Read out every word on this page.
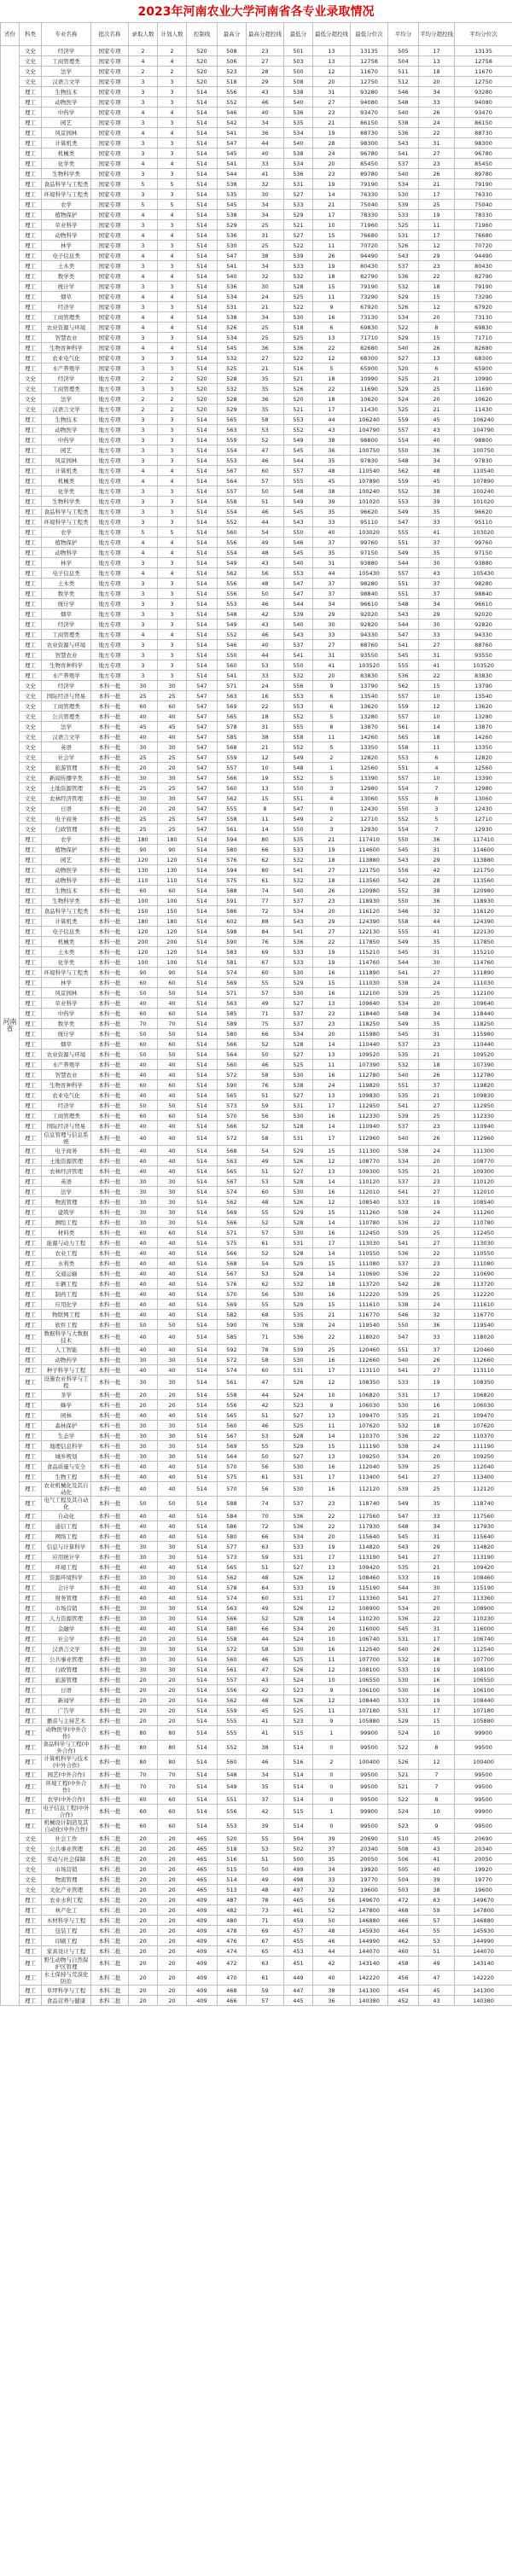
2023年河南农业大学河南省各专业录取情况
省份	科类	专业名称	批次名称	录取人数	计划人数	控制线	最高分	最高分超控线	最低分	最低分超控线	最低分位次	平均分	平均分超控线	平均分位次
河南省	文史	经济学	国家专项	2	2	520	508	23	501	13	13135	505	17	13135
	文史	工商管理类	国家专项	4	4	520	506	27	503	13	12758	504	13	12758
	文史	法学	国家专项	2	2	520	523	28	500	12	11670	511	18	11670
	文史	汉语言文学	国家专项	3	3	520	518	29	508	20	12750	512	20	12750
	理工	生物技术	国家专项	3	3	514	556	43	538	31	93280	546	34	93280
	理工	动物医学	国家专项	3	3	514	552	46	540	27	94080	548	33	94080
	理工	中药学	国家专项	4	4	514	546	40	536	23	93470	540	26	93470
	理工	园艺	国家专项	3	3	514	542	34	535	21	86150	538	24	86150
	理工	风景园林	国家专项	4	4	514	541	36	534	19	88730	536	22	88730
	理工	计算机类	国家专项	3	3	514	547	44	540	28	98300	543	31	98300
	理工	机械类	国家专项	3	3	514	545	40	538	24	96780	541	27	96780
	理工	化学类	国家专项	4	4	514	541	33	534	20	85450	537	23	85450
	理工	生物科学类	国家专项	3	3	514	544	41	536	23	89780	540	26	89780
	理工	食品科学与工程类	国家专项	5	5	514	538	32	531	19	79190	534	21	79190
	理工	环境科学与工程类	国家专项	3	3	514	535	30	527	14	76330	530	17	76330
	理工	农学	国家专项	5	5	514	545	34	533	21	75040	539	25	75040
	理工	植物保护	国家专项	4	4	514	538	34	529	17	78330	533	19	78330
	理工	草业科学	国家专项	3	3	514	529	25	521	10	71960	525	11	71960
	理工	动物科学	国家专项	4	4	514	536	31	527	15	76680	531	17	76680
	理工	林学	国家专项	3	3	514	530	25	522	11	70720	526	12	70720
	理工	电子信息类	国家专项	4	4	514	547	38	539	26	94490	543	29	94490
	理工	土木类	国家专项	3	3	514	541	34	533	19	80430	537	23	80430
	理工	数学类	国家专项	4	4	514	540	32	532	18	82790	536	22	82790
	理工	统计学	国家专项	3	3	514	536	30	528	15	79190	532	18	79190
	理工	烟草	国家专项	4	4	514	534	24	525	11	73290	529	15	73290
	理工	经济学	国家专项	3	3	514	531	21	522	9	67920	526	12	67920
	理工	工商管理类	国家专项	4	4	514	538	34	530	16	73130	534	20	73130
	理工	农业资源与环境	国家专项	4	4	514	526	25	518	6	69830	522	8	69830
	理工	智慧农业	国家专项	3	3	514	534	25	525	13	71710	529	15	71710
	理工	生物育种科学	国家专项	4	4	514	545	36	536	22	82680	540	26	82680
	理工	农业电气化	国家专项	3	3	514	532	27	522	12	68300	527	13	68300
	理工	水产养殖学	国家专项	3	3	514	525	21	516	5	65900	520	6	65900
	文史	经济学	地方专项	2	2	520	528	35	521	18	10990	525	21	10990
	文史	工商管理类	地方专项	3	3	520	532	35	526	22	11690	529	25	11690
	文史	法学	地方专项	2	2	520	528	36	520	18	10620	524	20	10620
	文史	汉语言文学	地方专项	2	2	520	529	35	521	17	11430	525	21	11430
	理工	生物技术	地方专项	3	3	514	565	58	553	44	106240	559	45	106240
	理工	动物医学	地方专项	3	3	514	563	53	552	43	104790	557	43	104790
	理工	中药学	地方专项	3	3	514	559	52	549	38	98800	554	40	98800
	理工	园艺	地方专项	3	3	514	554	47	545	36	100750	550	36	100750
	理工	风景园林	地方专项	3	3	514	553	46	544	35	97830	548	34	97830
	理工	计算机类	地方专项	4	4	514	567	60	557	48	110540	562	48	110540
	理工	机械类	地方专项	4	4	514	564	57	555	45	107890	559	45	107890
	理工	化学类	地方专项	3	3	514	557	50	548	38	100240	552	38	100240
	理工	生物科学类	地方专项	3	3	514	558	51	549	39	101020	553	39	101020
	理工	食品科学与工程类	地方专项	3	3	514	554	46	545	35	96620	549	35	96620
	理工	环境科学与工程类	地方专项	3	3	514	552	44	543	33	95110	547	33	95110
	理工	农学	地方专项	5	5	514	560	54	550	40	103020	555	41	103020
	理工	植物保护	地方专项	4	4	514	556	49	546	37	99760	551	37	99760
	理工	动物科学	地方专项	4	4	514	554	48	545	35	97150	549	35	97150
	理工	林学	地方专项	3	3	514	549	43	540	31	93880	544	30	93880
	理工	电子信息类	地方专项	4	4	514	562	56	553	44	105430	557	43	105430
	理工	土木类	地方专项	3	3	514	556	48	547	37	98280	551	37	98280
	理工	数学类	地方专项	3	3	514	556	50	547	37	98840	551	37	98840
	理工	统计学	地方专项	3	3	514	553	46	544	34	96610	548	34	96610
	理工	烟草	地方专项	3	3	514	548	42	539	29	92020	543	29	92020
	理工	经济学	地方专项	3	3	514	549	43	540	30	92820	544	30	92820
	理工	工商管理类	地方专项	4	4	514	552	46	543	33	94330	547	33	94330
	理工	农业资源与环境	地方专项	3	3	514	546	40	537	27	88760	541	27	88760
	理工	智慧农业	地方专项	3	3	514	550	44	541	31	93550	545	31	93550
	理工	生物育种科学	地方专项	3	3	514	560	53	550	41	103520	555	41	103520
	理工	水产养殖学	地方专项	3	3	514	541	33	532	20	83830	536	22	83830
	文史	经济学	本科一批	30	30	547	571	24	556	9	13790	562	15	13790
	文史	国际经济与贸易	本科一批	25	25	547	563	16	553	6	13540	557	10	13540
	文史	工商管理类	本科一批	60	60	547	569	22	553	6	13620	559	12	13620
	文史	公共管理类	本科一批	40	40	547	565	18	552	5	13280	557	10	13280
	文史	法学	本科一批	45	45	547	578	31	555	8	13870	561	14	13870
	文史	汉语言文学	本科一批	40	40	547	585	38	558	11	14260	565	18	14260
	文史	英语	本科一批	30	30	547	568	21	552	5	13350	558	11	13350
	文史	社会学	本科一批	25	25	547	559	12	549	2	12820	553	6	12820
	文史	旅游管理	本科一批	20	20	547	557	10	548	1	12560	551	4	12560
	文史	新闻传播学类	本科一批	30	30	547	566	19	552	5	13390	557	10	13390
	文史	土地资源管理	本科一批	25	25	547	560	13	550	3	12980	554	7	12980
	文史	农林经济管理	本科一批	30	30	547	562	15	551	4	13060	555	8	13060
	文史	日语	本科一批	20	20	547	555	8	547	0	12430	550	3	12430
	文史	电子商务	本科一批	25	25	547	558	11	549	2	12710	552	5	12710
	文史	行政管理	本科一批	25	25	547	561	14	550	3	12930	554	7	12930
	理工	农学	本科一批	180	180	514	594	80	535	21	117410	550	36	117410
	理工	植物保护	本科一批	90	90	514	580	66	533	19	114600	545	31	114600
	理工	园艺	本科一批	120	120	514	576	62	532	18	113880	543	29	113880
	理工	动物医学	本科一批	130	130	514	594	80	541	27	121750	556	42	121750
	理工	动物科学	本科一批	110	110	514	575	61	532	18	113560	542	28	113560
	理工	生物技术	本科一批	60	60	514	588	74	540	26	120980	552	38	120980
	理工	生物科学类	本科一批	100	100	514	591	77	537	23	118930	550	36	118930
	理工	食品科学与工程类	本科一批	150	150	514	586	72	534	20	116120	546	32	116120
	理工	计算机类	本科一批	180	180	514	602	88	543	29	124390	558	44	124390
	理工	电子信息类	本科一批	120	120	514	598	84	541	27	122130	555	41	122130
	理工	机械类	本科一批	200	200	514	590	76	536	22	117850	549	35	117850
	理工	土木类	本科一批	120	120	514	583	69	533	19	115210	545	31	115210
	理工	化学类	本科一批	100	100	514	581	67	533	19	114760	544	30	114760
	理工	环境科学与工程类	本科一批	90	90	514	574	60	530	16	111890	541	27	111890
	理工	林学	本科一批	60	60	514	569	55	529	15	111030	538	24	111030
	理工	风景园林	本科一批	50	50	514	571	57	530	16	112100	539	25	112100
	理工	草业科学	本科一批	40	40	514	563	49	527	13	109640	534	20	109640
	理工	中药学	本科一批	60	60	514	585	71	537	23	118440	548	34	118440
	理工	数学类	本科一批	70	70	514	589	75	537	23	118250	549	35	118250
	理工	统计学	本科一批	50	50	514	580	66	534	20	115980	545	31	115980
	理工	烟草	本科一批	60	60	514	566	52	528	14	110440	537	23	110440
	理工	农业资源与环境	本科一批	50	50	514	564	50	527	13	109520	535	21	109520
	理工	水产养殖学	本科一批	40	40	514	560	46	525	11	107390	532	18	107390
	理工	智慧农业	本科一批	40	40	514	572	58	530	16	112780	540	26	112780
	理工	生物育种科学	本科一批	60	60	514	590	76	538	24	119820	551	37	119820
	理工	农业电气化	本科一批	40	40	514	565	51	527	13	109830	535	21	109830
	理工	经济学	本科一批	50	50	514	573	59	531	17	112950	541	27	112950
	理工	工商管理类	本科一批	60	60	514	570	56	530	16	112330	539	25	112330
	理工	国际经济与贸易	本科一批	40	40	514	566	52	528	14	110940	537	23	110940
	理工	信息管理与信息系统	本科一批	40	40	514	572	58	531	17	112960	540	26	112960
	理工	电子商务	本科一批	40	40	514	568	54	529	15	111300	538	24	111300
	理工	土地资源管理	本科一批	40	40	514	563	49	526	12	108770	534	20	108770
	理工	农林经济管理	本科一批	40	40	514	565	51	527	13	109300	535	21	109300
	理工	英语	本科一批	30	30	514	567	53	528	14	110120	537	23	110120
	理工	法学	本科一批	30	30	514	574	60	530	16	112010	541	27	112010
	理工	物流管理	本科一批	30	30	514	562	48	526	12	108540	533	19	108540
	理工	建筑学	本科一批	30	30	514	569	55	529	15	111260	538	24	111260
	理工	测绘工程	本科一批	30	30	514	566	52	528	14	110780	536	22	110780
	理工	材料类	本科一批	60	60	514	571	57	530	16	112450	539	25	112450
	理工	能源与动力工程	本科一批	40	40	514	575	61	531	17	113030	541	27	113030
	理工	农业工程	本科一批	40	40	514	566	52	528	14	110550	536	22	110550
	理工	水利类	本科一批	40	40	514	568	54	529	15	111080	537	23	111080
	理工	交通运输	本科一批	40	40	514	567	53	528	14	110690	536	22	110690
	理工	车辆工程	本科一批	40	40	514	576	62	532	18	113720	542	28	113720
	理工	制药工程	本科一批	40	40	514	570	56	530	16	112220	539	25	112220
	理工	应用化学	本科一批	40	40	514	569	55	529	15	111610	538	24	111610
	理工	物联网工程	本科一批	40	40	514	582	68	535	21	116770	546	32	116770
	理工	软件工程	本科一批	50	50	514	590	76	538	24	119540	550	36	119540
	理工	数据科学与大数据技术	本科一批	40	40	514	585	71	536	22	118020	547	33	118020
	理工	人工智能	本科一批	40	40	514	592	78	539	25	120460	551	37	120460
	理工	动物药学	本科一批	30	30	514	572	58	530	16	112660	540	26	112660
	理工	种子科学与工程	本科一批	40	40	514	574	60	531	17	113110	541	27	113110
	理工	设施农业科学与工程	本科一批	30	30	514	561	47	526	12	108350	533	19	108350
	理工	茶学	本科一批	20	20	514	558	44	524	10	106820	531	17	106820
	理工	蜂学	本科一批	20	20	514	556	42	523	9	106030	530	16	106030
	理工	园林	本科一批	40	40	514	565	51	527	13	109470	535	21	109470
	理工	森林保护	本科一批	30	30	514	560	46	525	11	107620	532	18	107620
	理工	生态学	本科一批	30	30	514	567	53	528	14	110370	536	22	110370
	理工	地理信息科学	本科一批	30	30	514	569	55	529	15	111190	538	24	111190
	理工	城乡规划	本科一批	30	30	514	564	50	527	13	109250	534	20	109250
	理工	食品质量与安全	本科一批	40	40	514	570	56	530	16	112040	539	25	112040
	理工	生物工程	本科一批	40	40	514	575	61	531	17	113400	541	27	113400
	理工	农业机械化及其自动化	本科一批	40	40	514	570	56	530	16	112120	539	25	112120
	理工	电气工程及其自动化	本科一批	50	50	514	588	74	537	23	118740	549	35	118740
	理工	自动化	本科一批	40	40	514	584	70	536	22	117560	547	33	117560
	理工	通信工程	本科一批	40	40	514	586	72	536	22	117930	548	34	117930
	理工	网络工程	本科一批	40	40	514	580	66	534	20	115640	545	31	115640
	理工	信息与计算科学	本科一批	30	30	514	577	63	533	19	114820	543	29	114820
	理工	应用统计学	本科一批	30	30	514	573	59	531	17	113190	541	27	113190
	理工	环境工程	本科一批	40	40	514	565	51	527	13	109420	535	21	109420
	理工	资源环境科学	本科一批	30	30	514	562	48	526	12	108460	533	19	108460
	理工	会计学	本科一批	40	40	514	578	64	533	19	115190	544	30	115190
	理工	财务管理	本科一批	40	40	514	574	60	531	17	113360	541	27	113360
	理工	市场营销	本科一批	30	30	514	563	49	526	12	108900	534	20	108900
	理工	人力资源管理	本科一批	30	30	514	566	52	528	14	110230	536	22	110230
	理工	金融学	本科一批	40	40	514	580	66	534	20	116000	545	31	116000
	理工	社会学	本科一批	20	20	514	558	44	524	10	106740	531	17	106740
	理工	汉语言文学	本科一批	30	30	514	572	58	530	16	112540	540	26	112540
	理工	公共事业管理	本科一批	30	30	514	560	46	525	11	107700	532	18	107700
	理工	行政管理	本科一批	30	30	514	561	47	526	12	108100	533	19	108100
	理工	旅游管理	本科一批	20	20	514	557	43	524	10	106550	530	16	106550
	理工	日语	本科一批	20	20	514	556	42	523	9	106100	530	16	106100
	理工	新闻学	本科一批	20	20	514	562	48	526	12	108440	533	19	108440
	理工	广告学	本科一批	20	20	514	559	45	525	11	107180	531	17	107180
	理工	播音与主持艺术	本科一批	20	20	514	555	41	523	9	105880	529	15	105880
	理工	动物医学(中外合作)	本科一批	80	80	514	555	41	515	1	99900	524	10	99900
	理工	食品科学与工程(中外合作)	本科一批	80	80	514	552	38	514	0	99500	522	8	99500
	理工	计算机科学与技术(中外合作)	本科一批	80	80	514	560	46	516	2	100400	526	12	100400
	理工	园艺(中外合作)	本科一批	70	70	514	548	34	514	0	99500	521	7	99500
	理工	环境工程(中外合作)	本科一批	70	70	514	549	35	514	0	99500	521	7	99500
	理工	农学(中外合作)	本科一批	60	60	514	551	37	514	0	99500	522	8	99500
	理工	电子信息工程(中外合作)	本科一批	60	60	514	556	42	515	1	99900	524	10	99900
	理工	机械设计制造及其自动化(中外合作)	本科一批	60	60	514	553	39	514	0	99500	523	9	99500
	文史	社会工作	本科二批	20	20	465	520	55	504	39	20690	510	45	20690
	文史	公共事业管理	本科二批	20	20	465	518	53	502	37	20340	508	43	20340
	文史	劳动与社会保障	本科二批	20	20	465	516	51	500	35	20050	506	41	20050
	文史	市场营销	本科二批	20	20	465	515	50	499	34	19920	505	40	19920
	文史	物流管理	本科二批	20	20	465	514	49	498	33	19770	504	39	19770
	文史	文化产业管理	本科二批	20	20	465	513	48	497	32	19600	503	38	19600
	理工	农业水利工程	本科二批	20	20	409	487	78	465	56	149670	472	63	149670
	理工	林产化工	本科二批	20	20	409	482	73	461	52	147800	468	59	147800
	理工	木材科学与工程	本科二批	20	20	409	480	71	459	50	146880	466	57	146880
	理工	包装工程	本科二批	20	20	409	478	69	457	48	145930	464	55	145930
	理工	印刷工程	本科二批	20	20	409	476	67	455	46	144990	462	53	144990
	理工	家具设计与工程	本科二批	20	20	409	474	65	453	44	144070	460	51	144070
	理工	野生动物与自然保护区管理	本科二批	20	20	409	472	63	451	42	143140	458	49	143140
	理工	水土保持与荒漠化防治	本科二批	20	20	409	470	61	449	40	142220	456	47	142220
	理工	草坪科学与工程	本科二批	20	20	409	468	59	447	38	141300	454	45	141300
	理工	食品营养与健康	本科二批	20	20	409	466	57	445	36	140380	452	43	140380
